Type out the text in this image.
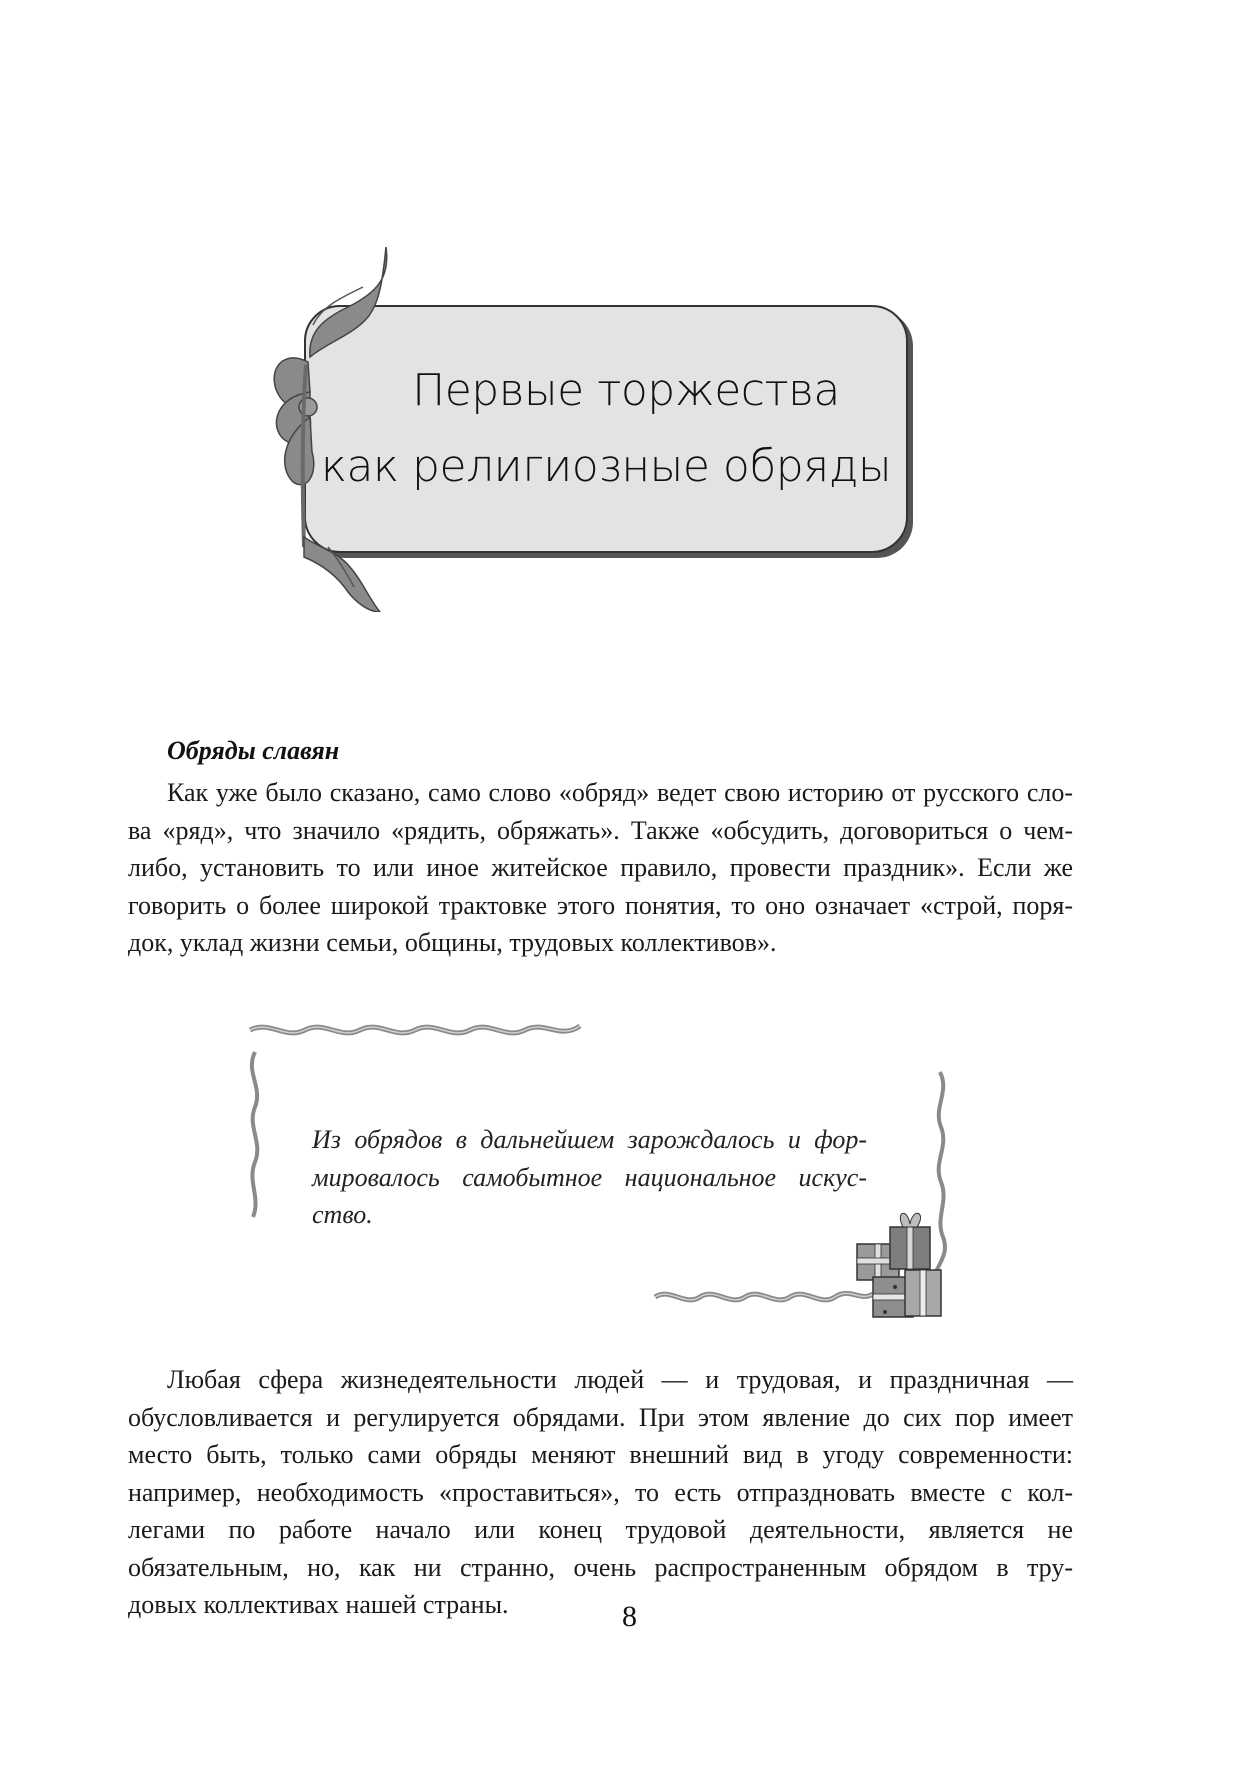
Первые торжества
как религиозные обряды
Обряды славян

Как уже было сказано, само слово «обряд» ведет свою историю от русского сло-
ва «ряд», что значило «рядить, обряжать». Также «обсудить, договориться о чем-
либо, установить то или иное житейское правило, провести праздник». Если же
говорить о более широкой трактовке этого понятия, то оно означает «строй, поря-
док, уклад жизни семьи, общины, трудовых коллективов».

Из обрядов в дальнейшем зарождалось и фор-
мировалось самобытное национальное искус-
ство.

Любая сфера жизнедеятельности людей — и трудовая, и праздничная —
обусловливается и регулируется обрядами. При этом явление до сих пор имеет
место быть, только сами обряды меняют внешний вид в угоду современности:
например, необходимость «проставиться», то есть отпраздновать вместе с кол-
легами по работе начало или конец трудовой деятельности, является не
обязательным, но, как ни странно, очень распространенным обрядом в тру-
довых коллективах нашей страны.	8
